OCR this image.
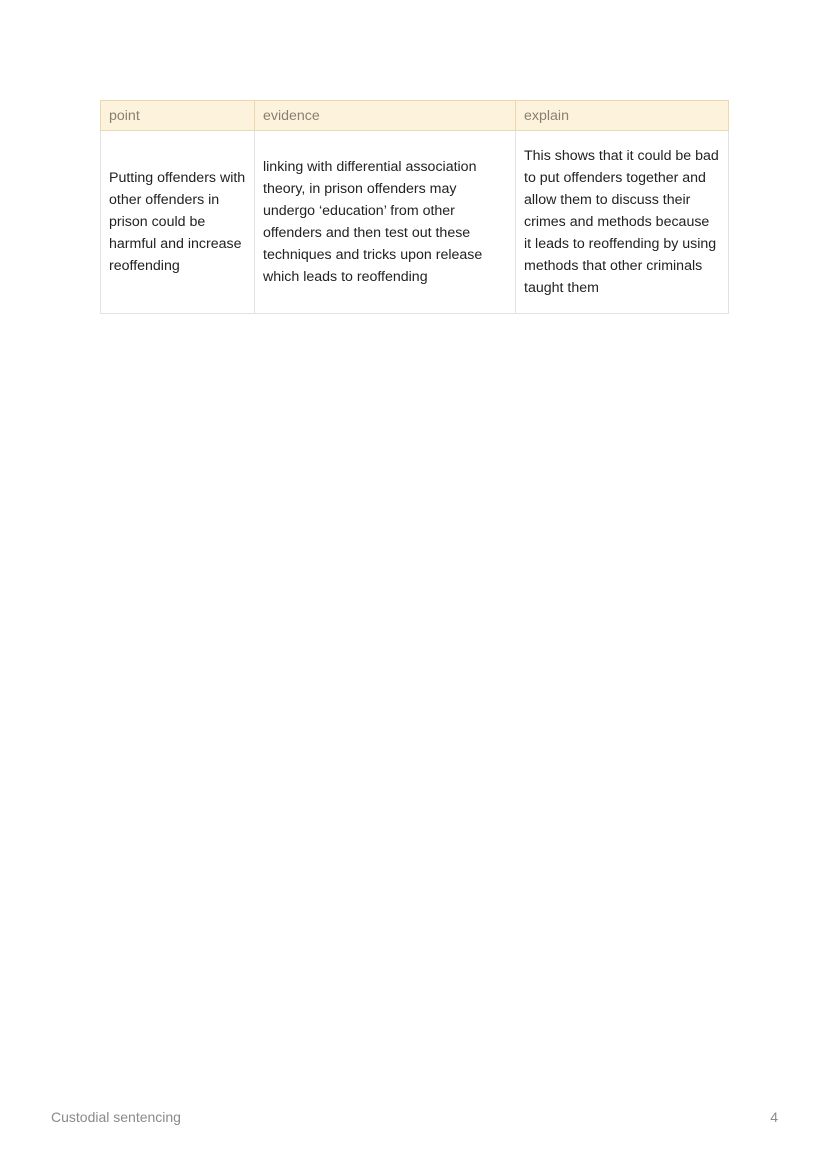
point	evidence	explain
Putting offenders with other offenders in prison could be harmful and increase reoffending	linking with differential association theory, in prison offenders may undergo ‘education’ from other offenders and then test out these techniques and tricks upon release which leads to reoffending	This shows that it could be bad to put offenders together and allow them to discuss their crimes and methods because it leads to reoffending by using methods that other criminals taught them
Custodial sentencing	4
